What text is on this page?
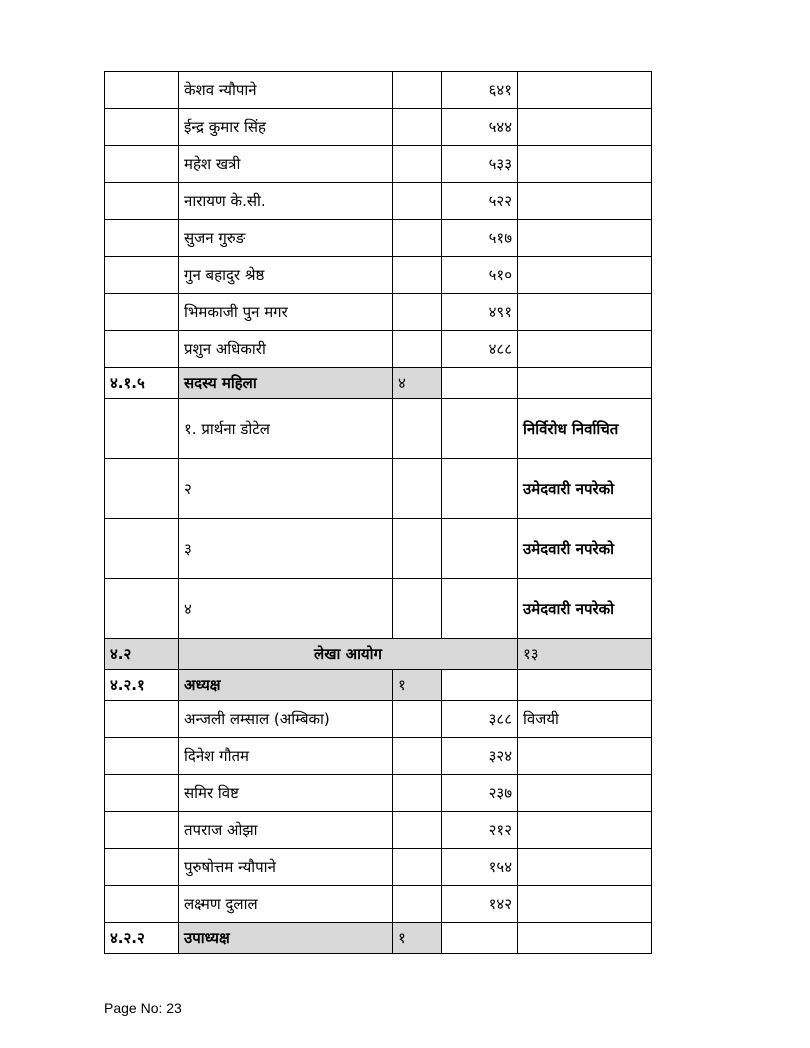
	केशव न्यौपाने		६४१	
	ईन्द्र कुमार सिंह		५४४	
	महेश खत्री		५३३	
	नारायण के.सी.		५२२	
	सुजन गुरुङ		५१७	
	गुन बहादुर श्रेष्ठ		५१०	
	भिमकाजी पुन मगर		४९१	
	प्रशुन अधिकारी		४८८	
४.१.५	सदस्य महिला	४		
	१. प्रार्थना डोटेल			निर्विरोध निर्वाचित
	२			उमेदवारी नपरेको
	३			उमेदवारी नपरेको
	४			उमेदवारी नपरेको
४.२	लेखा आयोग			१३
४.२.१	अध्यक्ष	१		
	अन्जली लम्साल (अम्बिका)		३८८	विजयी
	दिनेश गौतम		३२४	
	समिर विष्ट		२३७	
	तपराज ओझा		२१२	
	पुरुषोत्तम न्यौपाने		१५४	
	लक्ष्मण दुलाल		१४२	
४.२.२	उपाध्यक्ष	१		
Page No: 23
